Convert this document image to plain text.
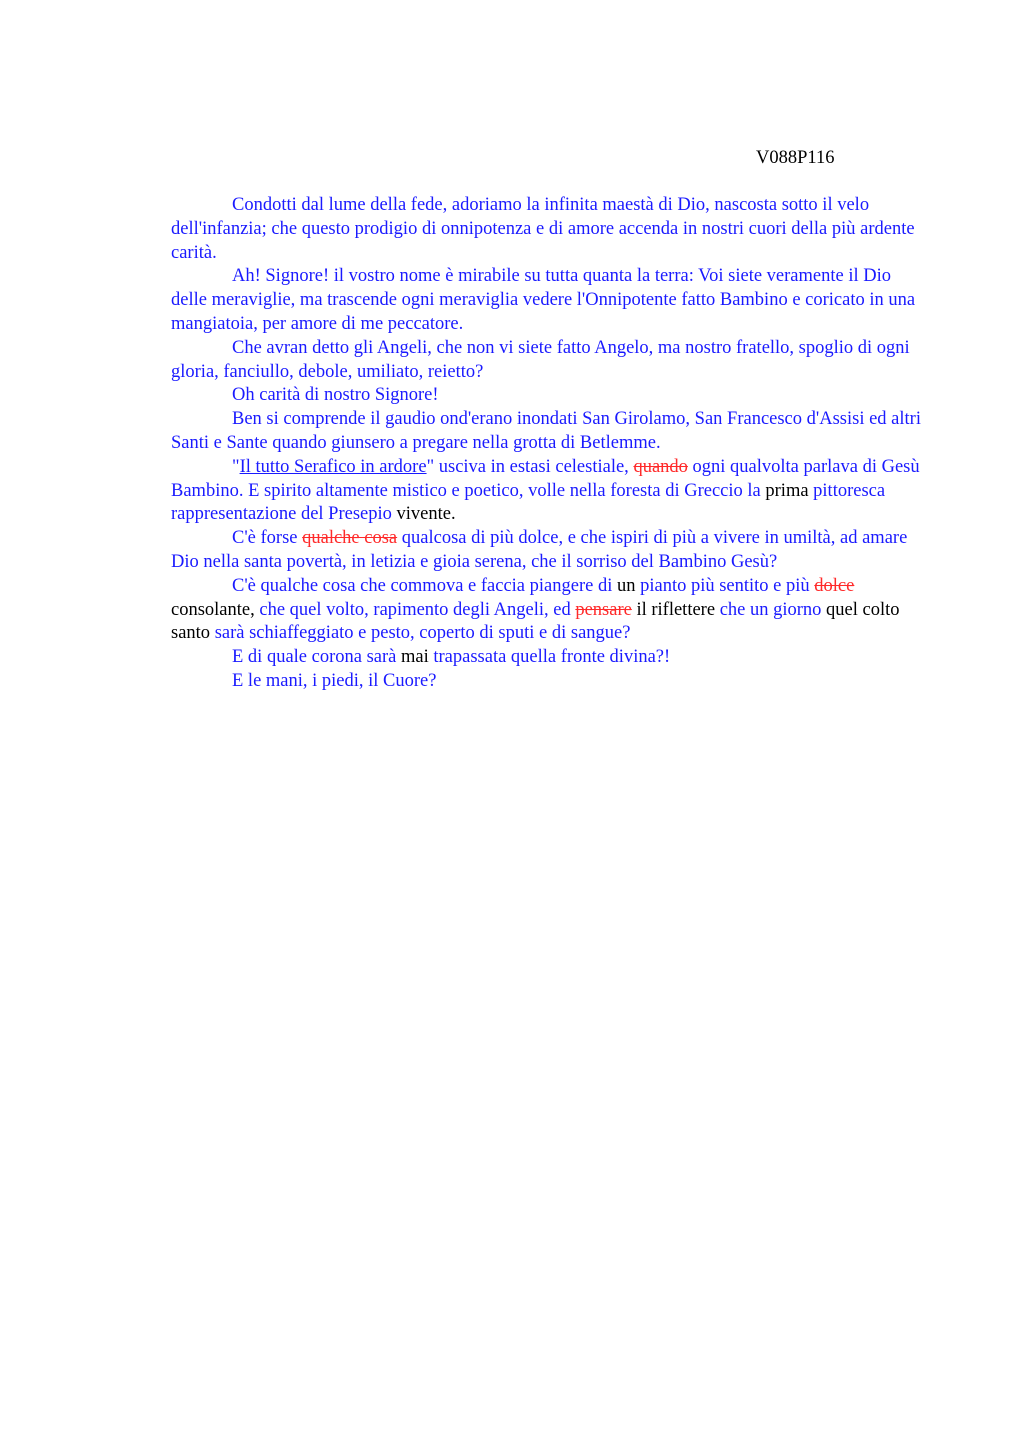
V088P116

Condotti dal lume della fede, adoriamo la infinita maestà di Dio, nascosta sotto il velo dell'infanzia; che questo prodigio di onnipotenza e di amore accenda in nostri cuori della più ardente carità.

Ah! Signore! il vostro nome è mirabile su tutta quanta la terra: Voi siete veramente il Dio delle meraviglie, ma trascende ogni meraviglia vedere l'Onnipotente fatto Bambino e coricato in una mangiatoia, per amore di me peccatore.

Che avran detto gli Angeli, che non vi siete fatto Angelo, ma nostro fratello, spoglio di ogni gloria, fanciullo, debole, umiliato, reietto?

Oh carità di nostro Signore!

Ben si comprende il gaudio ond'erano inondati San Girolamo, San Francesco d'Assisi ed altri Santi e Sante quando giunsero a pregare nella grotta di Betlemme.

"Il tutto Serafico in ardore" usciva in estasi celestiale, quando ogni qualvolta parlava di Gesù Bambino. E spirito altamente mistico e poetico, volle nella foresta di Greccio la prima pittoresca rappresentazione del Presepio vivente.

C'è forse qualche cosa qualcosa di più dolce, e che ispiri di più a vivere in umiltà, ad amare Dio nella santa povertà, in letizia e gioia serena, che il sorriso del Bambino Gesù?

C'è qualche cosa che commova e faccia piangere di un pianto più sentito e più dolce consolante, che quel volto, rapimento degli Angeli, ed pensare il riflettere che un giorno quel colto santo sarà schiaffeggiato e pesto, coperto di sputi e di sangue?

E di quale corona sarà mai trapassata quella fronte divina?!

E le mani, i piedi, il Cuore?
